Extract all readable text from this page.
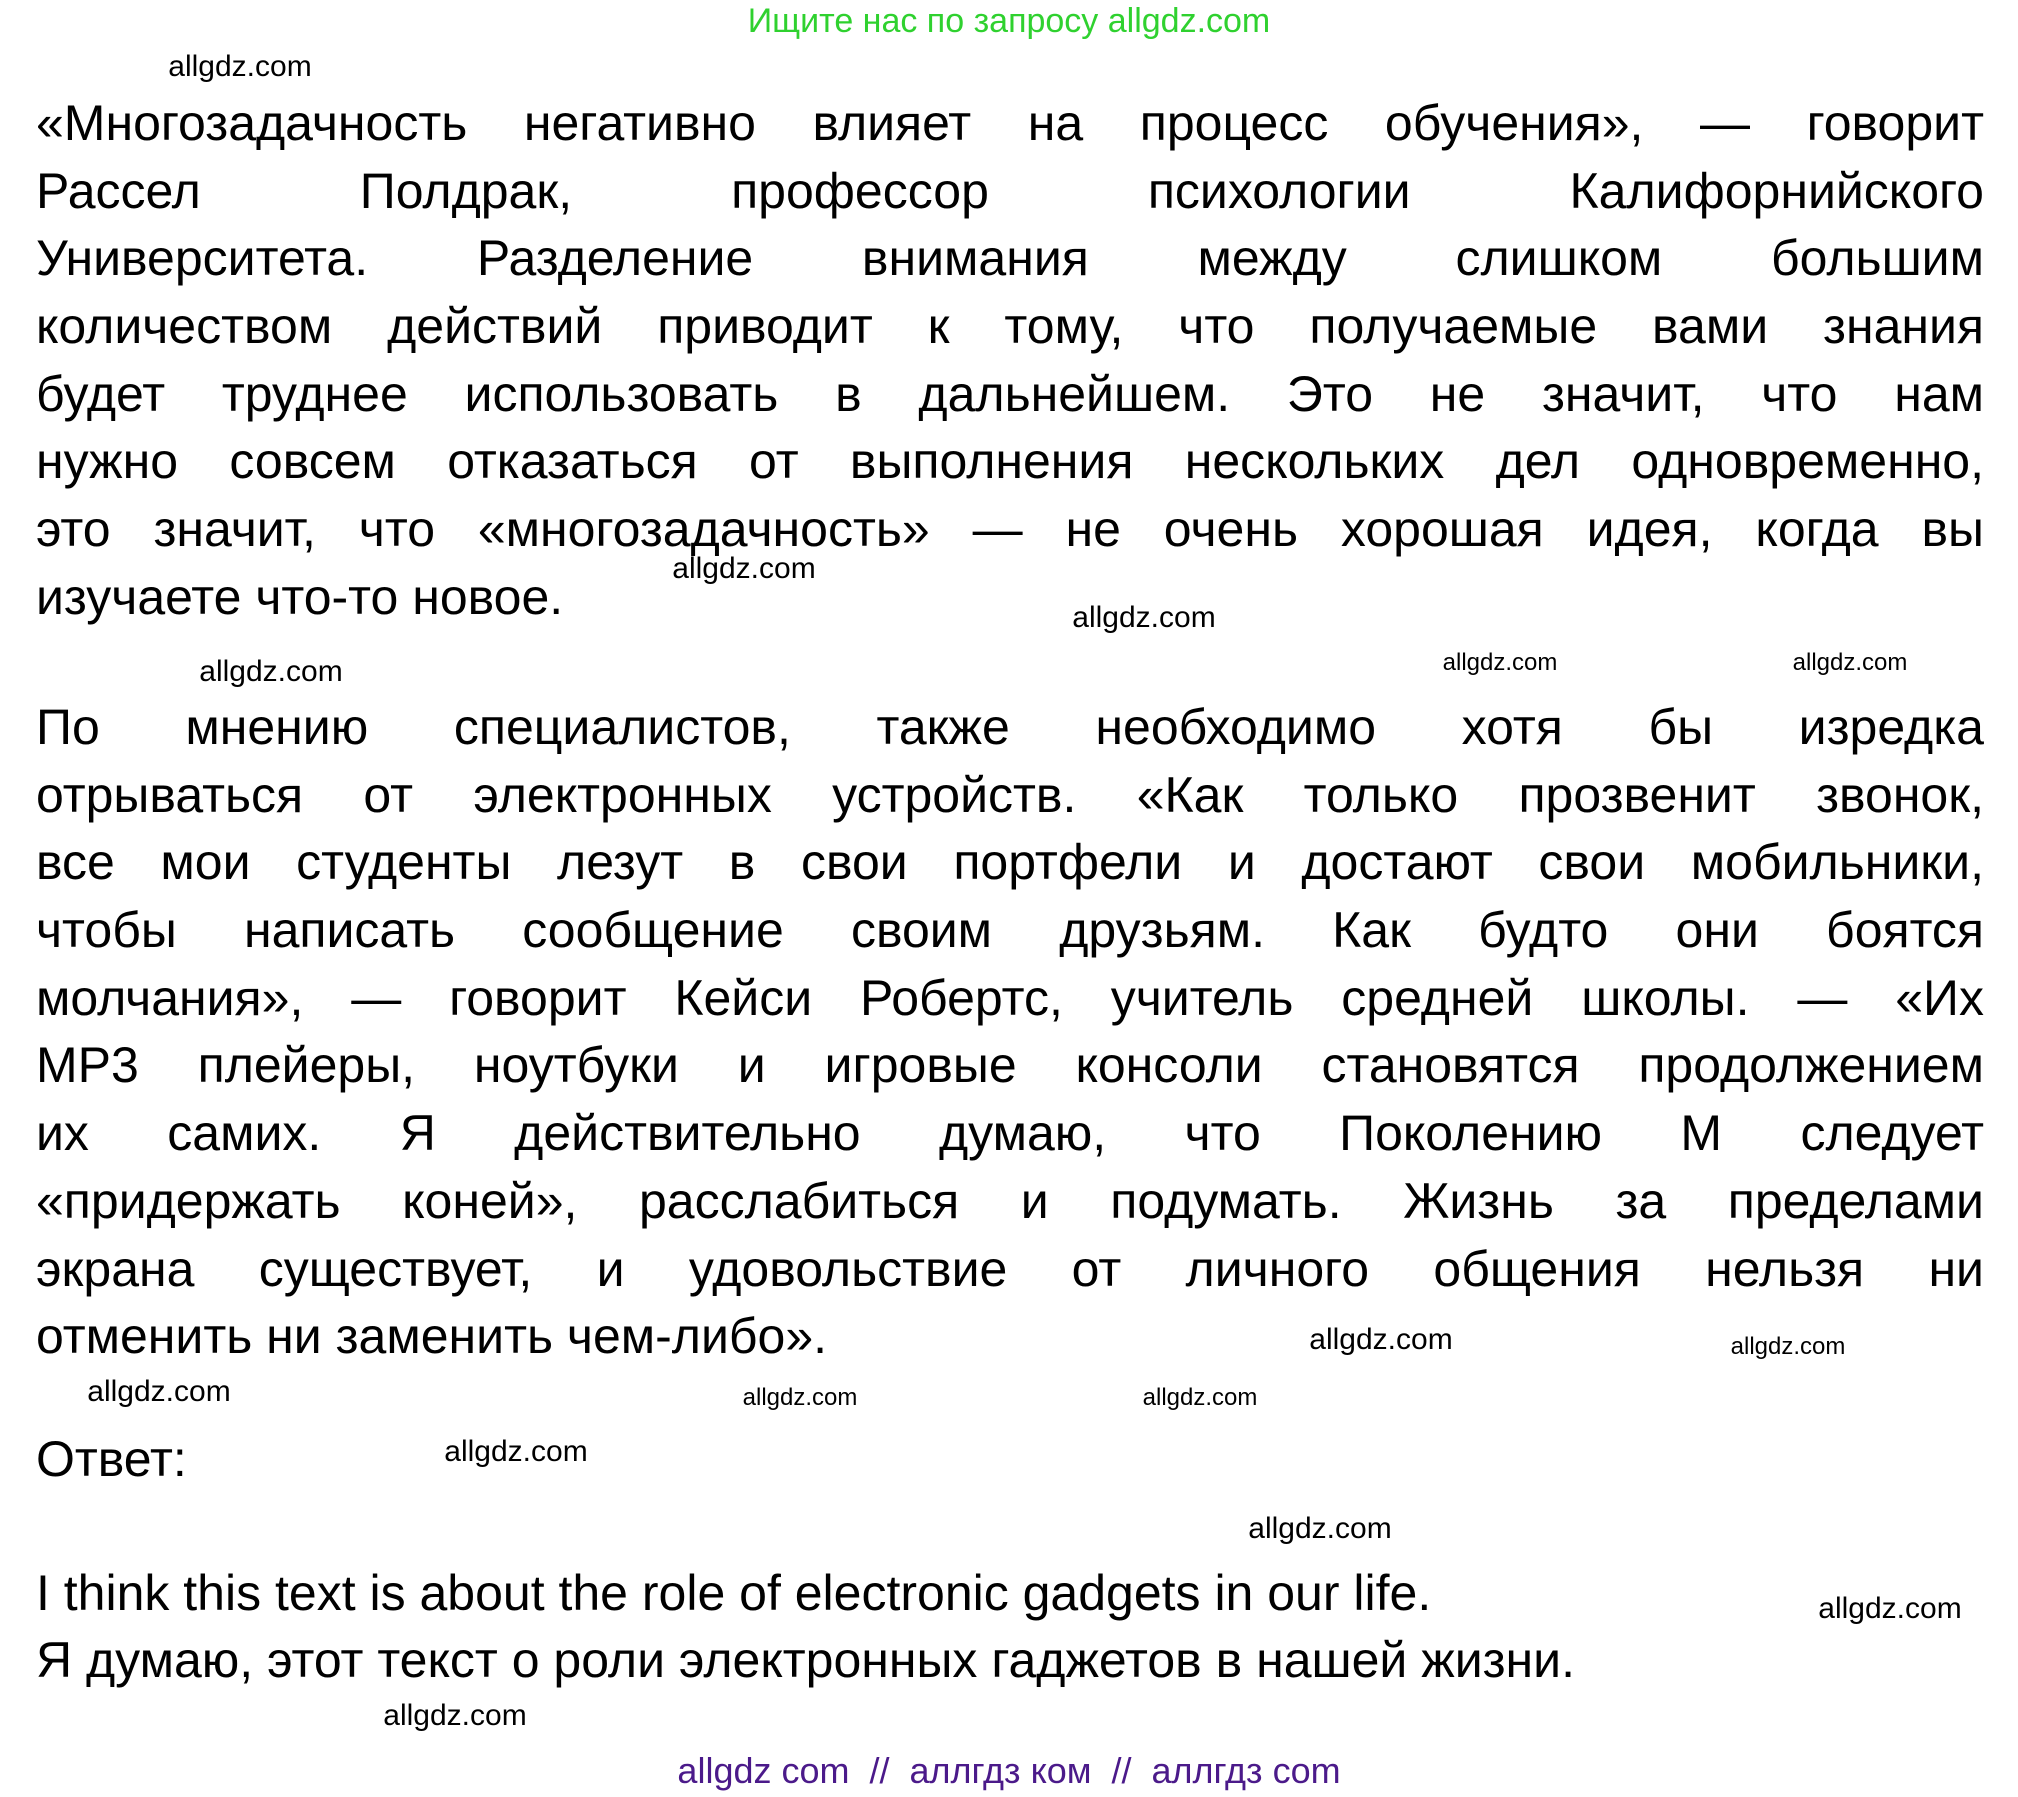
Ищите нас по запросу allgdz.com
«Многозадачность негативно влияет на процесс обучения», — говорит
Рассел Полдрак, профессор психологии Калифорнийского
Университета. Разделение внимания между слишком большим
количеством действий приводит к тому, что получаемые вами знания
будет труднее использовать в дальнейшем. Это не значит, что нам
нужно совсем отказаться от выполнения нескольких дел одновременно,
это значит, что «многозадачность» — не очень хорошая идея, когда вы
изучаете что-то новое.
По мнению специалистов, также необходимо хотя бы изредка
отрываться от электронных устройств. «Как только прозвенит звонок,
все мои студенты лезут в свои портфели и достают свои мобильники,
чтобы написать сообщение своим друзьям. Как будто они боятся
молчания», — говорит Кейси Робертс, учитель средней школы. — «Их
MP3 плейеры, ноутбуки и игровые консоли становятся продолжением
их самих. Я действительно думаю, что Поколению М следует
«придержать коней», расслабиться и подумать. Жизнь за пределами
экрана существует, и удовольствие от личного общения нельзя ни
отменить ни заменить чем-либо».
Ответ:
I think this text is about the role of electronic gadgets in our life.
Я думаю, этот текст о роли электронных гаджетов в нашей жизни.
allgdz.com
allgdz.com	allgdz.com
allgdz.com
allgdz.com
allgdz.com
allgdz.com
allgdz.com
allgdz.com	allgdz.com
allgdz.com
allgdz.com
allgdz.com
allgdz.com
allgdz.com
allgdz com  //  аллгдз ком  //  аллгдз com
